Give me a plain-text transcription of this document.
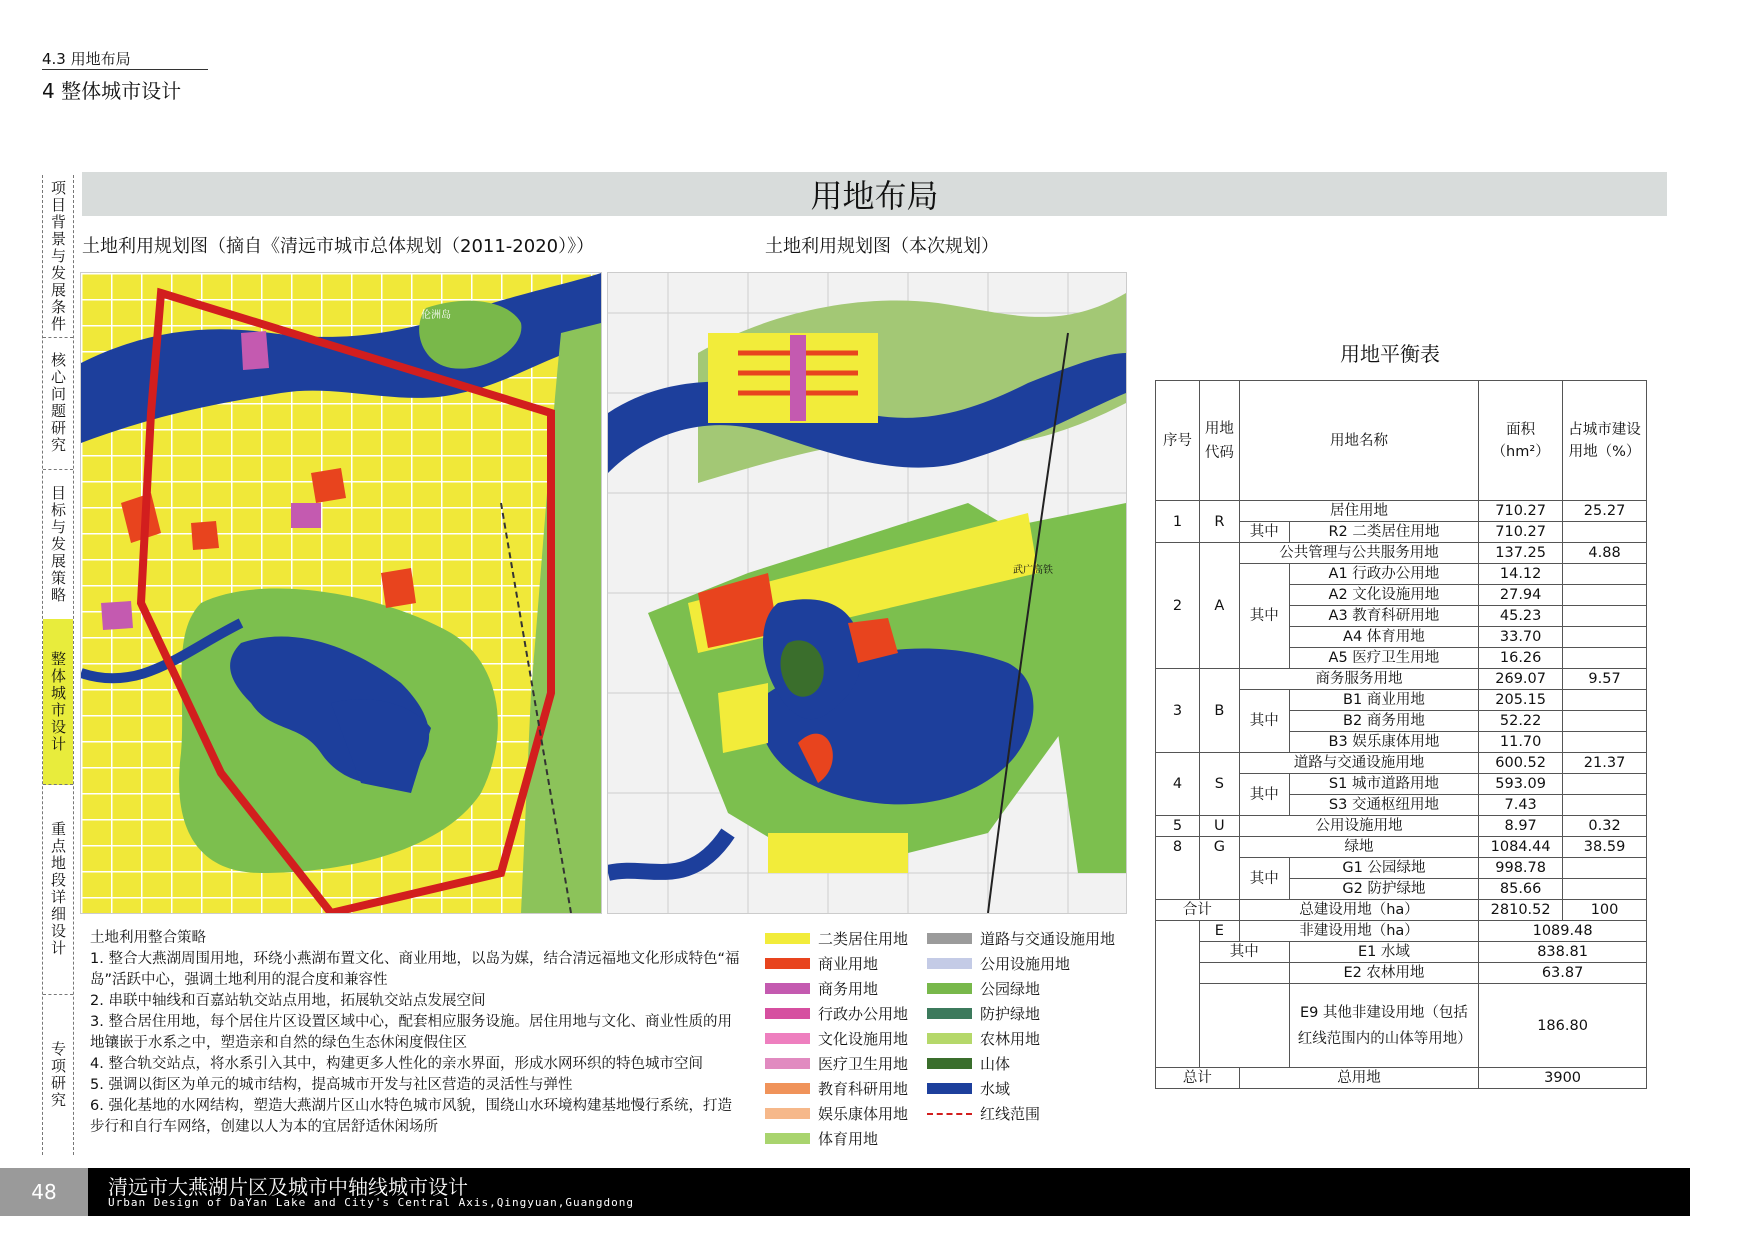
4.3 用地布局
4 整体城市设计
项目背景与发展条件
核心问题研究
目标与发展策略
整体城市设计
重点地段详细设计
专项研究
用地布局
土地利用规划图（摘自《清远市城市总体规划（2011-2020）》）	土地利用规划图（本次规划）
伦洲岛
武广高铁
土地利用整合策略
1. 整合大燕湖周围用地，环绕小燕湖布置文化、商业用地，以岛为媒，结合清远福地文化形成特色“福岛”活跃中心，强调土地利用的混合度和兼容性
2. 串联中轴线和百嘉站轨交站点用地，拓展轨交站点发展空间
3. 整合居住用地，每个居住片区设置区域中心，配套相应服务设施。居住用地与文化、商业性质的用地镶嵌于水系之中，塑造亲和自然的绿色生态休闲度假住区
4. 整合轨交站点，将水系引入其中，构建更多人性化的亲水界面，形成水网环织的特色城市空间
5. 强调以街区为单元的城市结构，提高城市开发与社区营造的灵活性与弹性
6. 强化基地的水网结构，塑造大燕湖片区山水特色城市风貌，围绕山水环境构建基地慢行系统，打造步行和自行车网络，创建以人为本的宜居舒适休闲场所
二类居住用地
商业用地
商务用地
行政办公用地
文化设施用地
医疗卫生用地
教育科研用地
娱乐康体用地
体育用地
道路与交通设施用地
公用设施用地
公园绿地
防护绿地
农林用地
山体
水域
红线范围
用地平衡表
序号	用地代码	用地名称		面积（hm²）	占城市建设用地（%）
1	R	居住用地		710.27	25.27
		其中	R2 二类居住用地	710.27	
2	A	公共管理与公共服务用地		137.25	4.88
		其中	A1 行政办公用地	14.12	
			A2 文化设施用地	27.94	
			A3 教育科研用地	45.23	
			A4 体育用地	33.70	
			A5 医疗卫生用地	16.26	
3	B	商务服务用地		269.07	9.57
		其中	B1 商业用地	205.15	
			B2 商务用地	52.22	
			B3 娱乐康体用地	11.70	
4	S	道路与交通设施用地		600.52	21.37
		其中	S1 城市道路用地	593.09	
			S3 交通枢纽用地	7.43	
5	U	公用设施用地		8.97	0.32
8	G	绿地		1084.44	38.59
		其中	G1 公园绿地	998.78	
			G2 防护绿地	85.66	
合计		总建设用地（ha）		2810.52	100
	E	非建设用地（ha）		1089.48	
	其中		E1 水域	838.81	
			E2 农林用地	63.87	
			E9 其他非建设用地（包括红线范围内的山体等用地）	186.80	
总计		总用地		3900	
48	清远市大燕湖片区及城市中轴线城市设计
Urban Design of DaYan Lake and City's Central Axis,Qingyuan,Guangdong
